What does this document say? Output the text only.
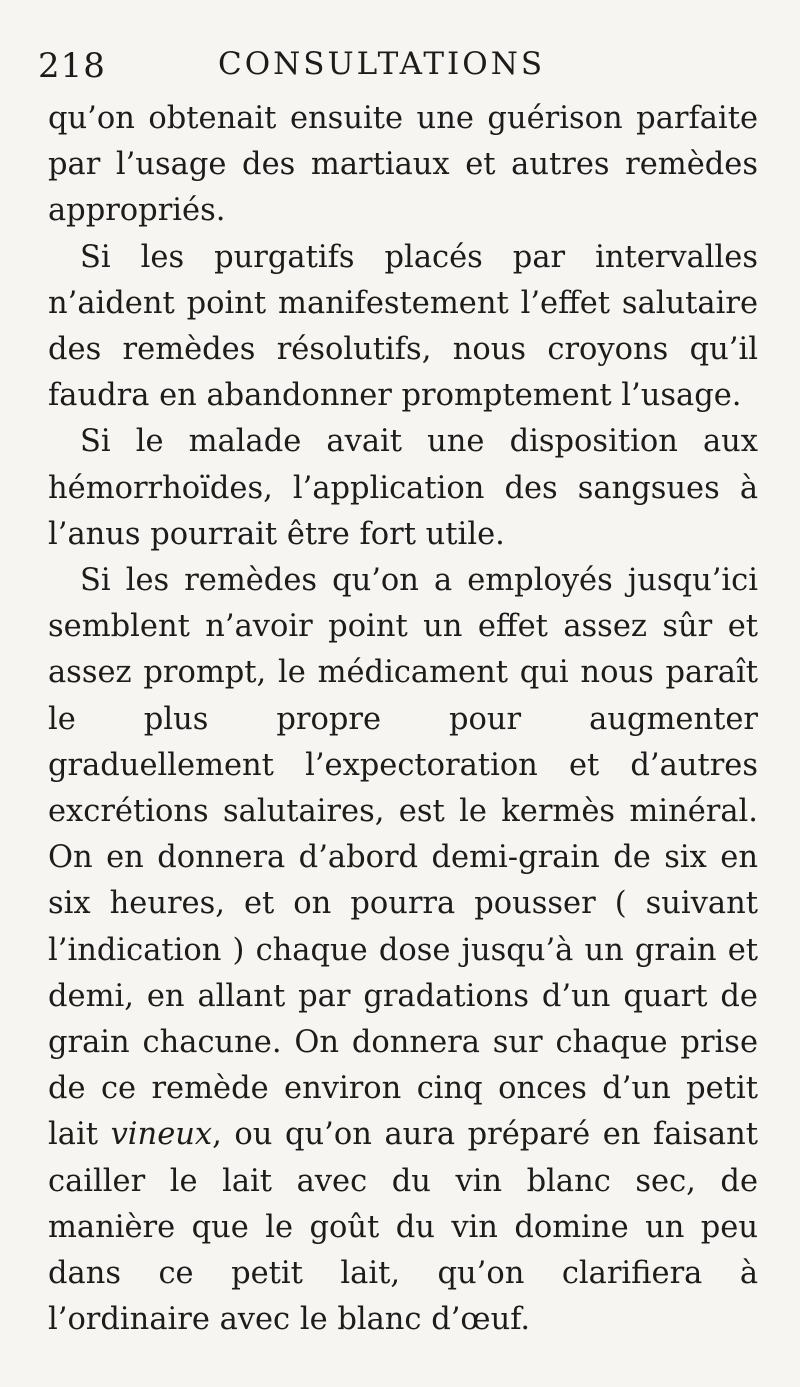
218	CONSULTATIONS

qu’on obtenait ensuite une guérison parfaite par l’usage des martiaux et autres remèdes appropriés.

Si les purgatifs placés par intervalles n’aident point manifestement l’effet salutaire des remèdes résolutifs, nous croyons qu’il faudra en abandonner promptement l’usage.

Si le malade avait une disposition aux hémorrhoïdes, l’application des sangsues à l’anus pourrait être fort utile.

Si les remèdes qu’on a employés jusqu’ici semblent n’avoir point un effet assez sûr et assez prompt, le médicament qui nous paraît le plus propre pour augmenter graduellement l’expectoration et d’autres excrétions salutaires, est le kermès minéral. On en donnera d’abord demi-grain de six en six heures, et on pourra pousser ( suivant l’indication ) chaque dose jusqu’à un grain et demi, en allant par gradations d’un quart de grain chacune. On donnera sur chaque prise de ce remède environ cinq onces d’un petit lait vineux, ou qu’on aura préparé en faisant cailler le lait avec du vin blanc sec, de manière que le goût du vin domine un peu dans ce petit lait, qu’on clarifiera à l’ordinaire avec le blanc d’œuf.
